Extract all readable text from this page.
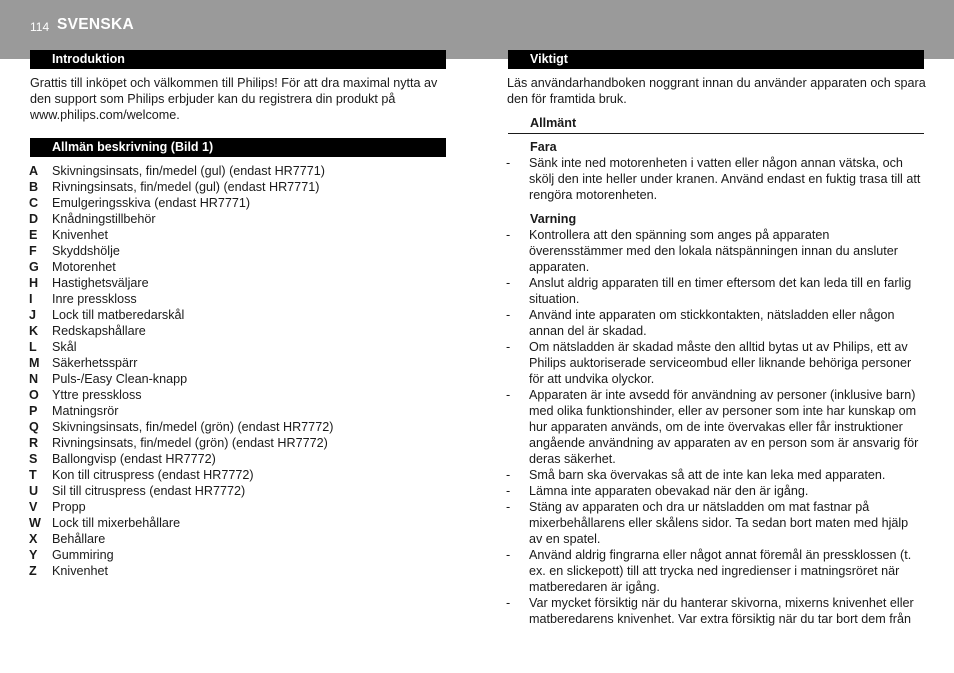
114 SVENSKA
Introduktion

Grattis till inköpet och välkommen till Philips! För att dra maximal nytta av den support som Philips erbjuder kan du registrera din produkt på www.philips.com/welcome.

Allmän beskrivning (Bild 1)
A	Skivningsinsats, fin/medel (gul) (endast HR7771)
B	Rivningsinsats, fin/medel (gul) (endast HR7771)
C	Emulgeringsskiva (endast HR7771)
D	Knådningstillbehör
E	Knivenhet
F	Skyddshölje
G	Motorenhet
H	Hastighetsväljare
I	Inre presskloss
J	Lock till matberedarskål
K	Redskapshållare
L	Skål
M Säkerhetsspärr
N	Puls-/Easy Clean-knapp
O	Yttre presskloss
P	Matningsrör
Q	Skivningsinsats, fin/medel (grön) (endast HR7772)
R	Rivningsinsats, fin/medel (grön) (endast HR7772)
S	Ballongvisp (endast HR7772)
T	Kon till citruspress (endast HR7772)
U	Sil till citruspress (endast HR7772)
V	Propp
W Lock till mixerbehållare
X	Behållare
Y	Gummiring
Z	Knivenhet
Viktigt

Läs användarhandboken noggrant innan du använder apparaten och spara den för framtida bruk.

Allmänt
Fara
- Sänk inte ned motorenheten i vatten eller någon annan vätska, och skölj den inte heller under kranen. Använd endast en fuktig trasa till att rengöra motorenheten.
Varning
- Kontrollera att den spänning som anges på apparaten överensstämmer med den lokala nätspänningen innan du ansluter apparaten.
- Anslut aldrig apparaten till en timer eftersom det kan leda till en farlig situation.
- Använd inte apparaten om stickkontakten, nätsladden eller någon annan del är skadad.
- Om nätsladden är skadad måste den alltid bytas ut av Philips, ett av Philips auktoriserade serviceombud eller liknande behöriga personer för att undvika olyckor.
- Apparaten är inte avsedd för användning av personer (inklusive barn) med olika funktionshinder, eller av personer som inte har kunskap om hur apparaten används, om de inte övervakas eller får instruktioner angående användning av apparaten av en person som är ansvarig för deras säkerhet.
- Små barn ska övervakas så att de inte kan leka med apparaten.
- Lämna inte apparaten obevakad när den är igång.
- Stäng av apparaten och dra ur nätsladden om mat fastnar på mixerbehållarens eller skålens sidor. Ta sedan bort maten med hjälp av en spatel.
- Använd aldrig fingrarna eller något annat föremål än pressklossen (t. ex. en slickepott) till att trycka ned ingredienser i matningsröret när matberedaren är igång.
- Var mycket försiktig när du hanterar skivorna, mixerns knivenhet eller matberedarens knivenhet. Var extra försiktig när du tar bort dem från
